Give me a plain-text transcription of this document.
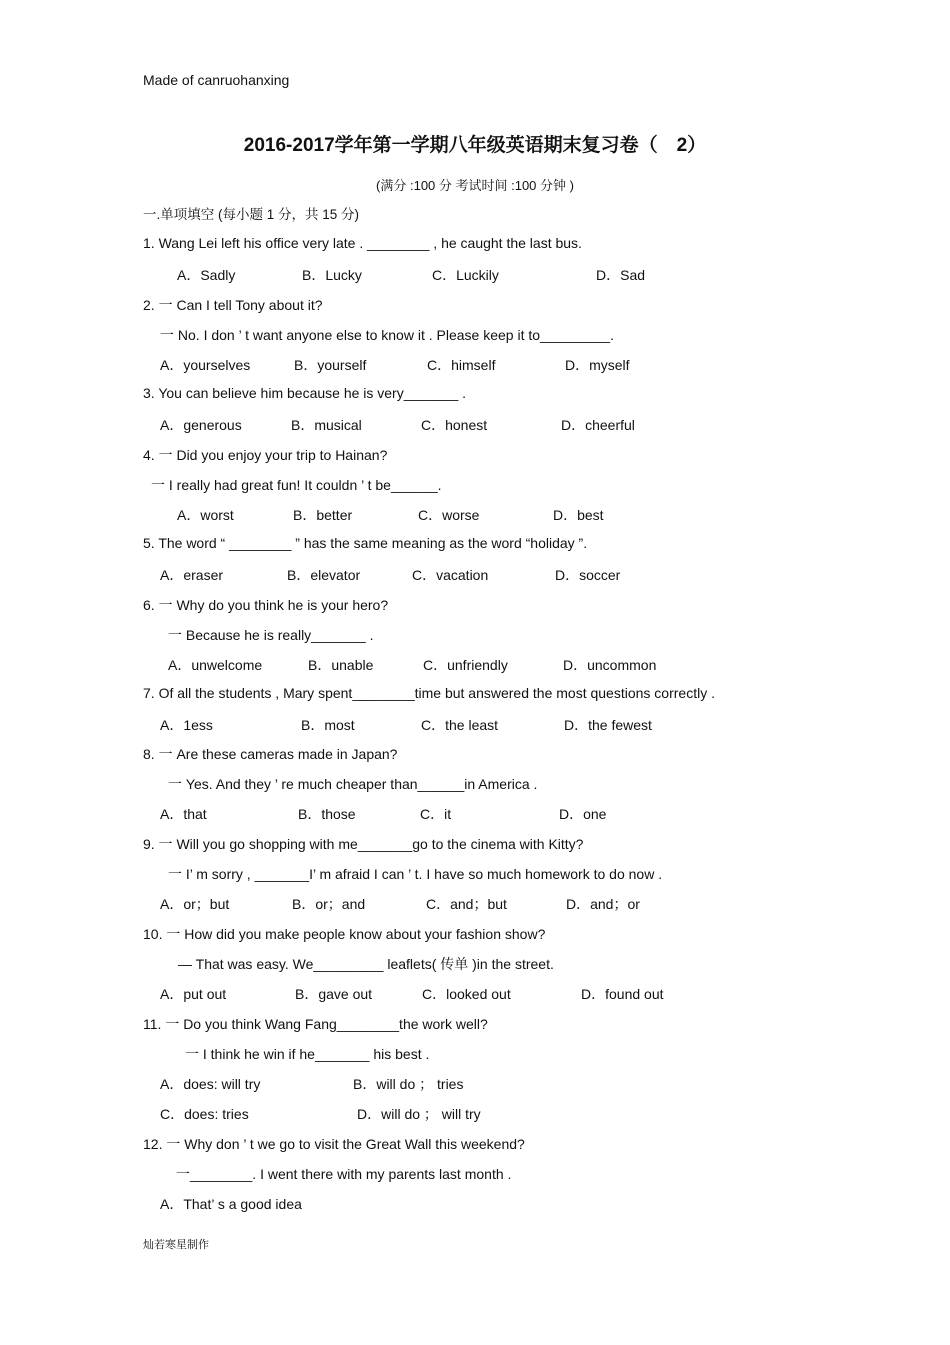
Made of canruohanxing
2016-2017学年第一学期八年级英语期末复习卷（　2）
(满分 :100 分 考试时间 :100 分钟 )
一.单项填空 (每小题 1 分，共 15 分)
1. Wang Lei left his office very late . ________ , he caught the last bus.
A．Sadly	B．Lucky	C．Luckily	D．Sad
2. 一 Can I tell Tony about it?
一 No. I don ’ t want anyone else to know it . Please keep it to_________.
A．yourselves	B．yourself	C．himself	D．myself
3. You can believe him because he is very_______ .
A．generous	B．musical	C．honest	D．cheerful
4. 一 Did you enjoy your trip to Hainan?
一 I really had great fun! It couldn ’ t be______.
A．worst	B．better	C．worse	D．best
5. The word “ ________ ” has the same meaning as the word “holiday ”.
A．eraser	B．elevator	C．vacation	D．soccer
6. 一 Why do you think he is your hero?
一 Because he is really_______ .
A．unwelcome	B．unable	C．unfriendly	D．uncommon
7. Of all the students , Mary spent________time but answered the most questions correctly .
A．1ess	B．most	C．the least	D．the fewest
8. 一 Are these cameras made in Japan?
一 Yes. And they ’ re much cheaper than______in America .
A．that	B．those	C．it	D．one
9. 一 Will you go shopping with me_______go to the cinema with Kitty?
一 I’ m sorry , _______I’ m afraid I can ’ t. I have so much homework to do now .
A．or；but	B．or；and	C．and；but	D．and；or
10. 一 How did you make people know about your fashion show?
— That was easy. We_________ leaflets( 传单 )in the street.
A．put out	B．gave out	C．looked out	D．found out
11. 一 Do you think Wang Fang________the work well?
一 I think he win if he_______ his best .
A．does: will try	B．will do ； tries
C．does: tries	D．will do ； will try
12. 一 Why don ’ t we go to visit the Great Wall this weekend?
一________. I went there with my parents last month .
A．That’ s a good idea
灿若寒星制作
